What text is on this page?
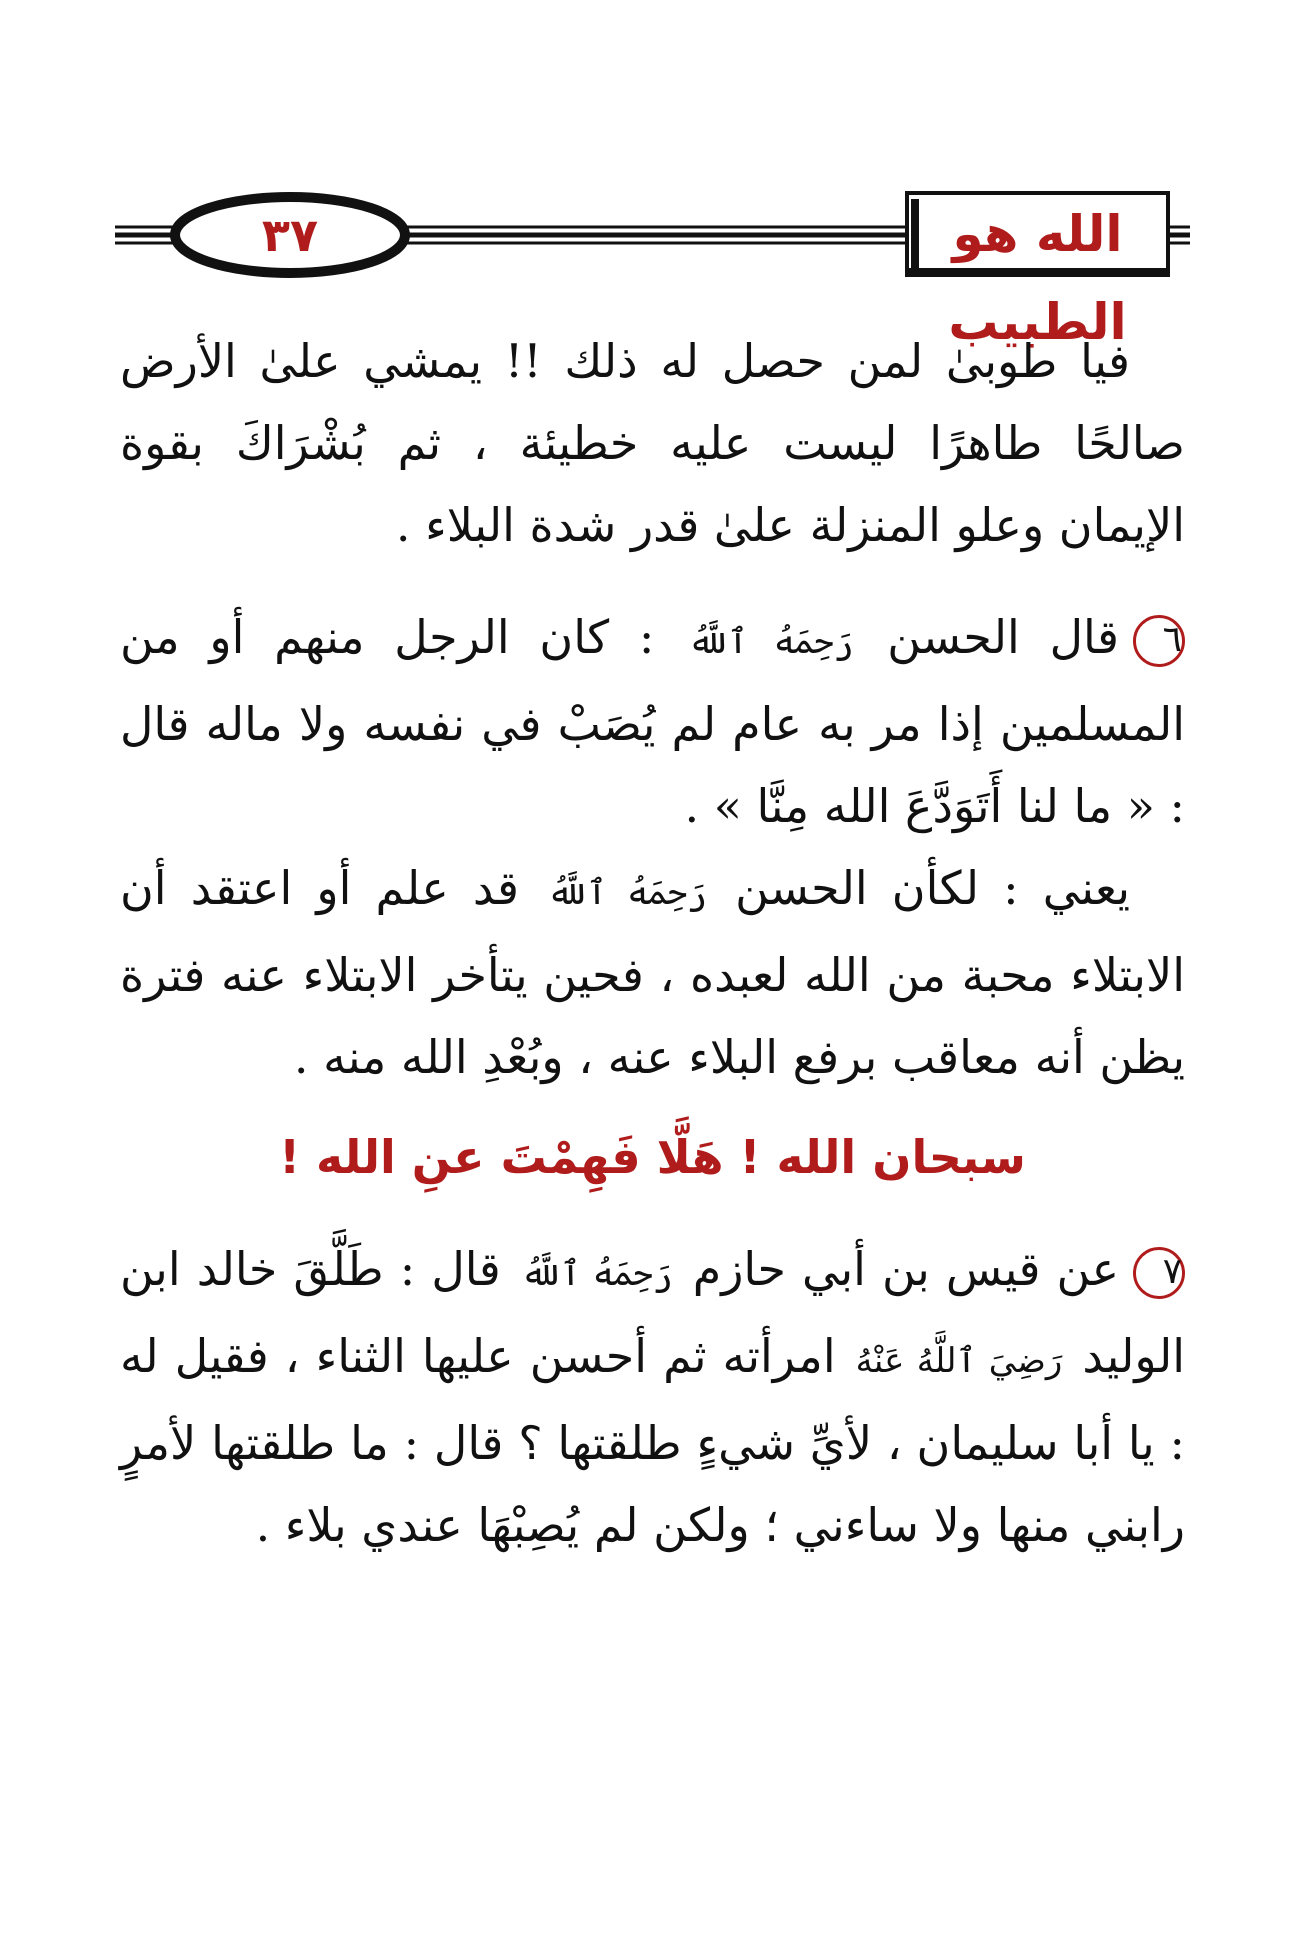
٣٧	الله هو الطبيب

فيا طوبىٰ لمن حصل له ذلك !! يمشي علىٰ الأرض صالحًا طاهرًا ليست عليه خطيئة ، ثم بُشْرَاكَ بقوة الإيمان وعلو المنزلة علىٰ قدر شدة البلاء .

٦قال الحسن رَحِمَهُ ٱللَّهُ : كان الرجل منهم أو من المسلمين إذا مر به عام لم يُصَبْ في نفسه ولا ماله قال : « ما لنا أَتَوَدَّعَ الله مِنَّا » .

يعني : لكأن الحسن رَحِمَهُ ٱللَّهُ قد علم أو اعتقد أن الابتلاء محبة من الله لعبده ، فحين يتأخر الابتلاء عنه فترة يظن أنه معاقب برفع البلاء عنه ، وبُعْدِ الله منه .

سبحان الله ! هَلَّا فَهِمْتَ عنِ الله !

٧عن قيس بن أبي حازم رَحِمَهُ ٱللَّهُ قال : طَلَّقَ خالد ابن الوليد رَضِيَ ٱللَّهُ عَنْهُ امرأته ثم أحسن عليها الثناء ، فقيل له : يا أبا سليمان ، لأيِّ شيءٍ طلقتها ؟ قال : ما طلقتها لأمرٍ رابني منها ولا ساءني ؛ ولكن لم يُصِبْهَا عندي بلاء .
